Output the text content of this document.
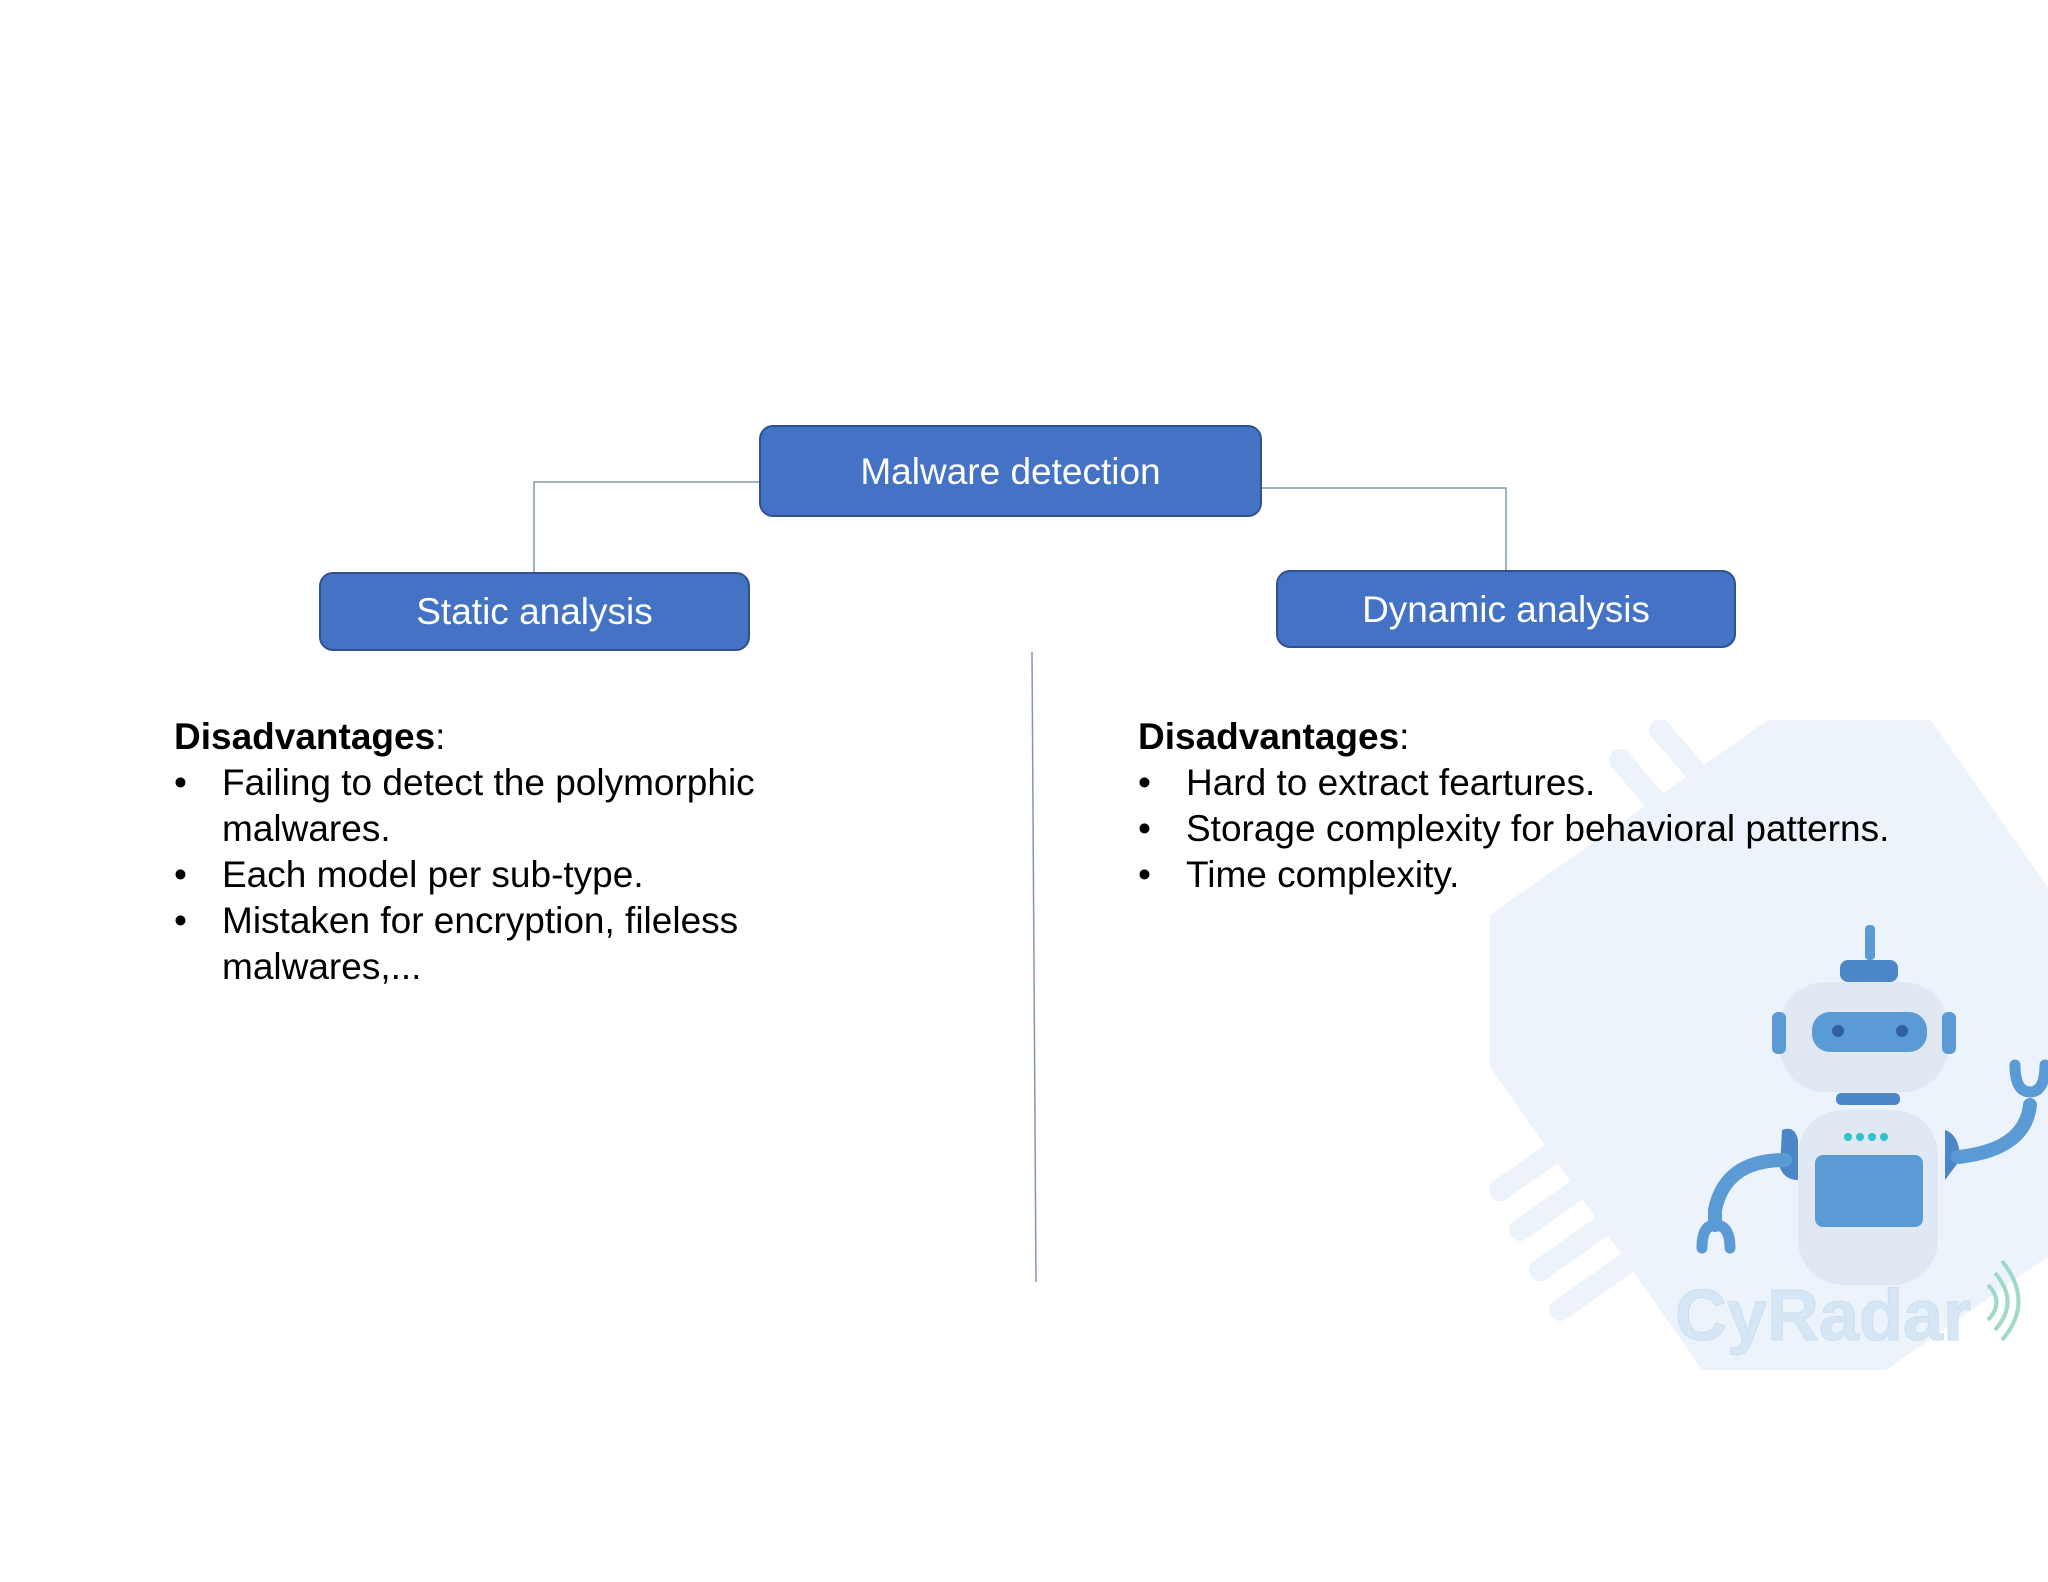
Malware detection
Static analysis	Dynamic analysis
CyRadar
Disadvantages:
• Failing to detect the polymorphic malwares.
• Each model per sub-type.
• Mistaken for encryption, fileless malwares,...
Disadvantages:
• Hard to extract feartures.
• Storage complexity for behavioral patterns.
• Time complexity.
